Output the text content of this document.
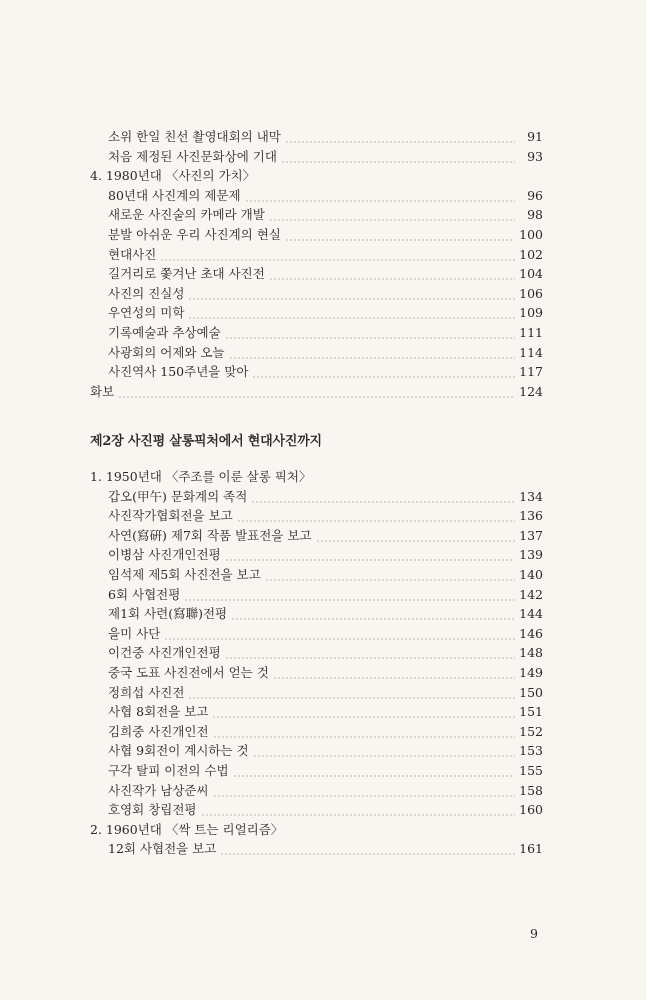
소위 한일 친선 촬영대회의 내막	91
처음 제정된 사진문화상에 기대	93
4. 1980년대 〈사진의 가치〉
80년대 사진계의 제문제	96
새로운 사진술의 카메라 개발	98
분발 아쉬운 우리 사진계의 현실	100
현대사진	102
길거리로 쫓겨난 초대 사진전	104
사진의 진실성	106
우연성의 미학	109
기록예술과 추상예술	111
사광회의 어제와 오늘	114
사진역사 150주년을 맞아	117
화보	124
1. 1950년대 〈주조를 이룬 살롱 픽처〉
갑오(甲午) 문화계의 족적	134
사진작가협회전을 보고	136
사연(寫硏) 제7회 작품 발표전을 보고	137
이병삼 사진개인전평	139
임석제 제5회 사진전을 보고	140
6회 사협전평	142
제1회 사련(寫聯)전평	144
을미 사단	146
이건중 사진개인전평	148
중국 도표 사진전에서 얻는 것	149
정희섭 사진전	150
사협 8회전을 보고	151
김희중 사진개인전	152
사협 9회전이 계시하는 것	153
구각 탈피 이전의 수법	155
사진작가 남상준씨	158
호영회 창립전평	160
2. 1960년대 〈싹 트는 리얼리즘〉
12회 사협전을 보고	161
제2장 사진평 살롱픽처에서 현대사진까지
9
